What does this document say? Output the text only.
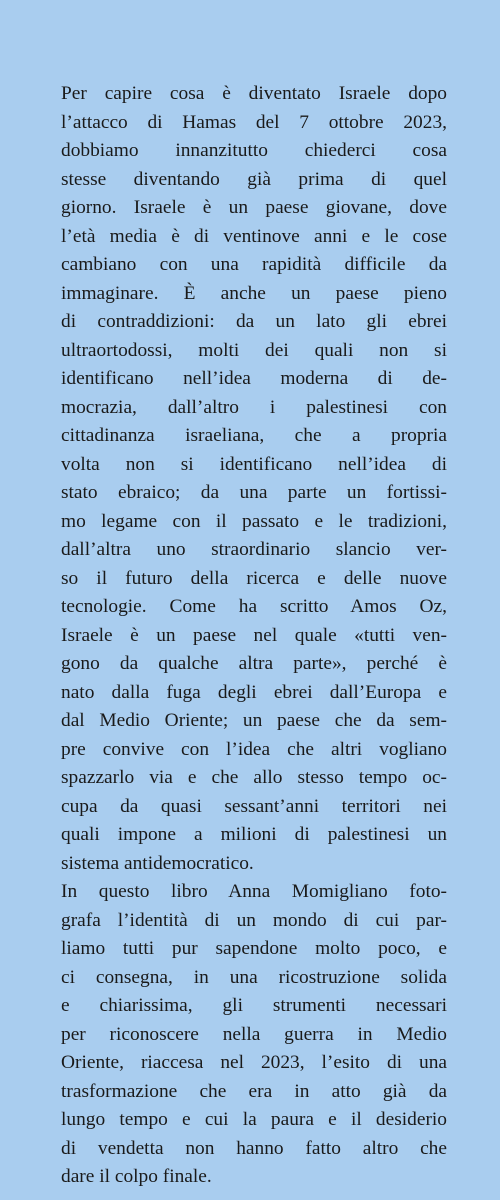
Per capire cosa è diventato Israele dopo
l’attacco di Hamas del 7 ottobre 2023,
dobbiamo innanzitutto chiederci cosa
stesse diventando già prima di quel
giorno. Israele è un paese giovane, dove
l’età media è di ventinove anni e le cose
cambiano con una rapidità difficile da
immaginare. È anche un paese pieno
di contraddizioni: da un lato gli ebrei
ultraortodossi, molti dei quali non si
identificano nell’idea moderna di de-
mocrazia, dall’altro i palestinesi con
cittadinanza israeliana, che a propria
volta non si identificano nell’idea di
stato ebraico; da una parte un fortissi-
mo legame con il passato e le tradizioni,
dall’altra uno straordinario slancio ver-
so il futuro della ricerca e delle nuove
tecnologie. Come ha scritto Amos Oz,
Israele è un paese nel quale «tutti ven-
gono da qualche altra parte», perché è
nato dalla fuga degli ebrei dall’Europa e
dal Medio Oriente; un paese che da sem-
pre convive con l’idea che altri vogliano
spazzarlo via e che allo stesso tempo oc-
cupa da quasi sessant’anni territori nei
quali impone a milioni di palestinesi un
sistema antidemocratico.
In questo libro Anna Momigliano foto-
grafa l’identità di un mondo di cui par-
liamo tutti pur sapendone molto poco, e
ci consegna, in una ricostruzione solida
e chiarissima, gli strumenti necessari
per riconoscere nella guerra in Medio
Oriente, riaccesa nel 2023, l’esito di una
trasformazione che era in atto già da
lungo tempo e cui la paura e il desiderio
di vendetta non hanno fatto altro che
dare il colpo finale.
